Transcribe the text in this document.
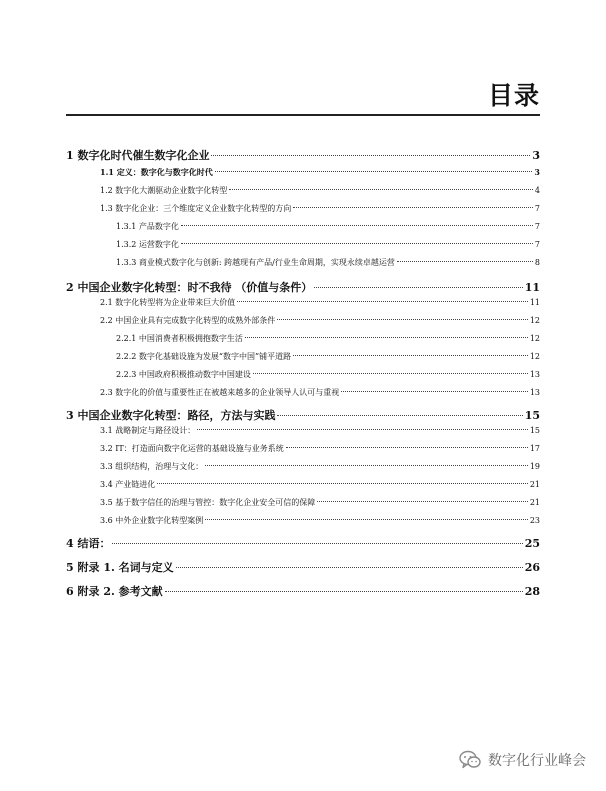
目录
1 数字化时代催生数字化企业	3
1.1 定义：数字化与数字化时代	3
1.2 数字化大潮驱动企业数字化转型	4
1.3 数字化企业：三个维度定义企业数字化转型的方向	7
1.3.1 产品数字化	7
1.3.2 运营数字化	7
1.3.3 商业模式数字化与创新: 跨越现有产品/行业生命周期，实现永续卓越运营	8
2 中国企业数字化转型：时不我待 （价值与条件）	11
2.1 数字化转型将为企业带来巨大价值	11
2.2 中国企业具有完成数字化转型的成熟外部条件	12
2.2.1 中国消费者积极拥抱数字生活	12
2.2.2 数字化基础设施为发展“数字中国”铺平道路	12
2.2.3 中国政府积极推动数字中国建设	13
2.3 数字化的价值与重要性正在被越来越多的企业领导人认可与重视	13
3 中国企业数字化转型：路径，方法与实践	15
3.1 战略制定与路径设计：	15
3.2 IT：打造面向数字化运营的基础设施与业务系统	17
3.3 组织结构，治理与文化：	19
3.4 产业链进化	21
3.5 基于数字信任的治理与管控：数字化企业安全可信的保障	21
3.6 中外企业数字化转型案例	23
4 结语：	25
5 附录 1. 名词与定义	26
6 附录 2. 参考文献	28
数字化行业峰会
